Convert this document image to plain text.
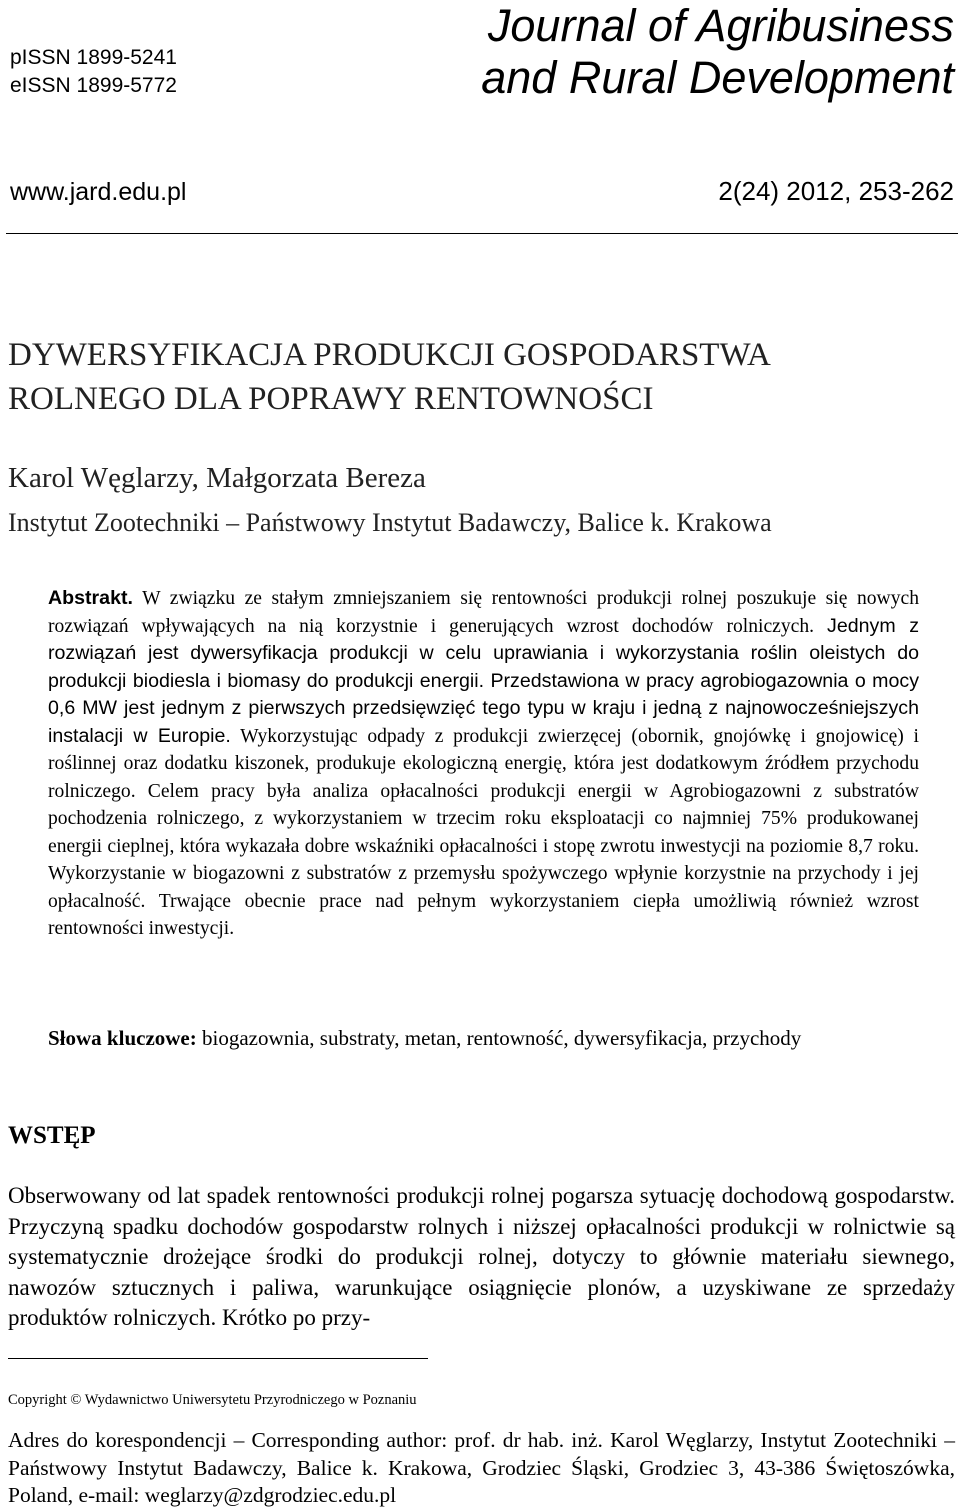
pISSN 1899-5241
eISSN 1899-5772
Journal of Agribusiness
and Rural Development
www.jard.edu.pl	2(24) 2012, 253-262
DYWERSYFIKACJA PRODUKCJI GOSPODARSTWA
ROLNEGO DLA POPRAWY RENTOWNOŚCI
Karol Węglarzy, Małgorzata Bereza
Instytut Zootechniki – Państwowy Instytut Badawczy, Balice k. Krakowa
Abstrakt. W związku ze stałym zmniejszaniem się rentowności produkcji rolnej poszukuje się nowych rozwiązań wpływających na nią korzystnie i generujących wzrost dochodów rolniczych. Jednym z rozwiązań jest dywersyfikacja produkcji w celu uprawiania i wykorzystania roślin oleistych do produkcji biodiesla i biomasy do produkcji energii. Przedstawiona w pracy agrobiogazownia o mocy 0,6 MW jest jednym z pierwszych przedsięwzięć tego typu w kraju i jedną z najnowocześniejszych instalacji w Europie. Wykorzystując odpady z produkcji zwierzęcej (obornik, gnojówkę i gnojowicę) i roślinnej oraz dodatku kiszonek, produkuje ekologiczną energię, która jest dodatkowym źródłem przychodu rolniczego. Celem pracy była analiza opłacalności produkcji energii w Agrobiogazowni z substratów pochodzenia rolniczego, z wykorzystaniem w trzecim roku eksploatacji co najmniej 75% produkowanej energii cieplnej, która wykazała dobre wskaźniki opłacalności i stopę zwrotu inwestycji na poziomie 8,7 roku. Wykorzystanie w biogazowni z substratów z przemysłu spożywczego wpłynie korzystnie na przychody i jej opłacalność. Trwające obecnie prace nad pełnym wykorzystaniem ciepła umożliwią również wzrost rentowności inwestycji.
Słowa kluczowe: biogazownia, substraty, metan, rentowność, dywersyfikacja, przychody
WSTĘP
Obserwowany od lat spadek rentowności produkcji rolnej pogarsza sytuację dochodową gospodarstw. Przyczyną spadku dochodów gospodarstw rolnych i niższej opłacalności produkcji w rolnictwie są systematycznie drożejące środki do produkcji rolnej, dotyczy to głównie materiału siewnego, nawozów sztucznych i paliwa, warunkujące osiągnięcie plonów, a uzyskiwane ze sprzedaży produktów rolniczych. Krótko po przy-
Copyright © Wydawnictwo Uniwersytetu Przyrodniczego w Poznaniu
Adres do korespondencji – Corresponding author: prof. dr hab. inż. Karol Węglarzy, Instytut Zootechniki – Państwowy Instytut Badawczy, Balice k. Krakowa, Grodziec Śląski, Grodziec 3, 43-386 Świętoszówka, Poland, e-mail: weglarzy@zdgrodziec.edu.pl
